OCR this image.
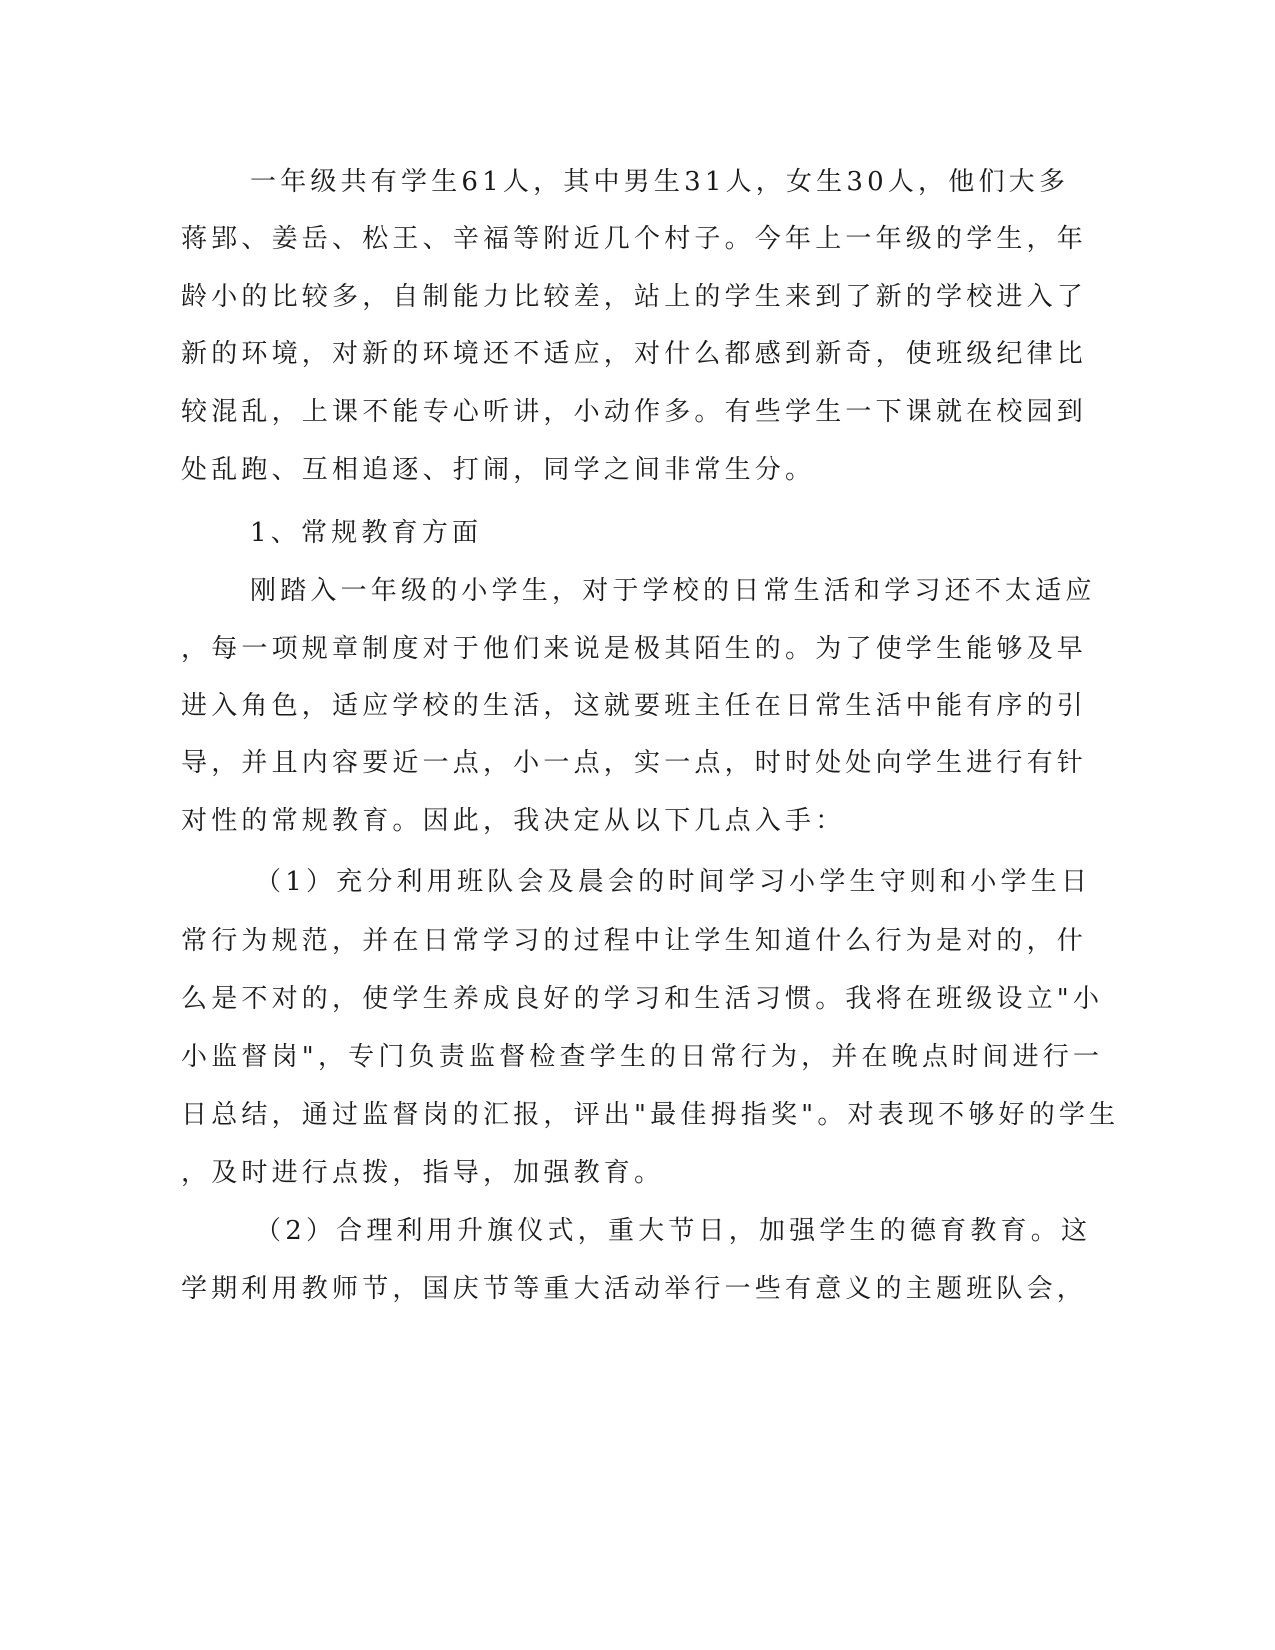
一年级共有学生61人，其中男生31人，女生30人，他们大多
蒋郢、姜岳、松王、辛福等附近几个村子。今年上一年级的学生，年
龄小的比较多，自制能力比较差，站上的学生来到了新的学校进入了
新的环境，对新的环境还不适应，对什么都感到新奇，使班级纪律比
较混乱，上课不能专心听讲，小动作多。有些学生一下课就在校园到
处乱跑、互相追逐、打闹，同学之间非常生分。
1、常规教育方面
刚踏入一年级的小学生，对于学校的日常生活和学习还不太适应
，每一项规章制度对于他们来说是极其陌生的。为了使学生能够及早
进入角色，适应学校的生活，这就要班主任在日常生活中能有序的引
导，并且内容要近一点，小一点，实一点，时时处处向学生进行有针
对性的常规教育。因此，我决定从以下几点入手：
（1）充分利用班队会及晨会的时间学习小学生守则和小学生日
常行为规范，并在日常学习的过程中让学生知道什么行为是对的，什
么是不对的，使学生养成良好的学习和生活习惯。我将在班级设立"小
小监督岗"，专门负责监督检查学生的日常行为，并在晚点时间进行一
日总结，通过监督岗的汇报，评出"最佳拇指奖"。对表现不够好的学生
，及时进行点拨，指导，加强教育。
（2）合理利用升旗仪式，重大节日，加强学生的德育教育。这
学期利用教师节，国庆节等重大活动举行一些有意义的主题班队会，
